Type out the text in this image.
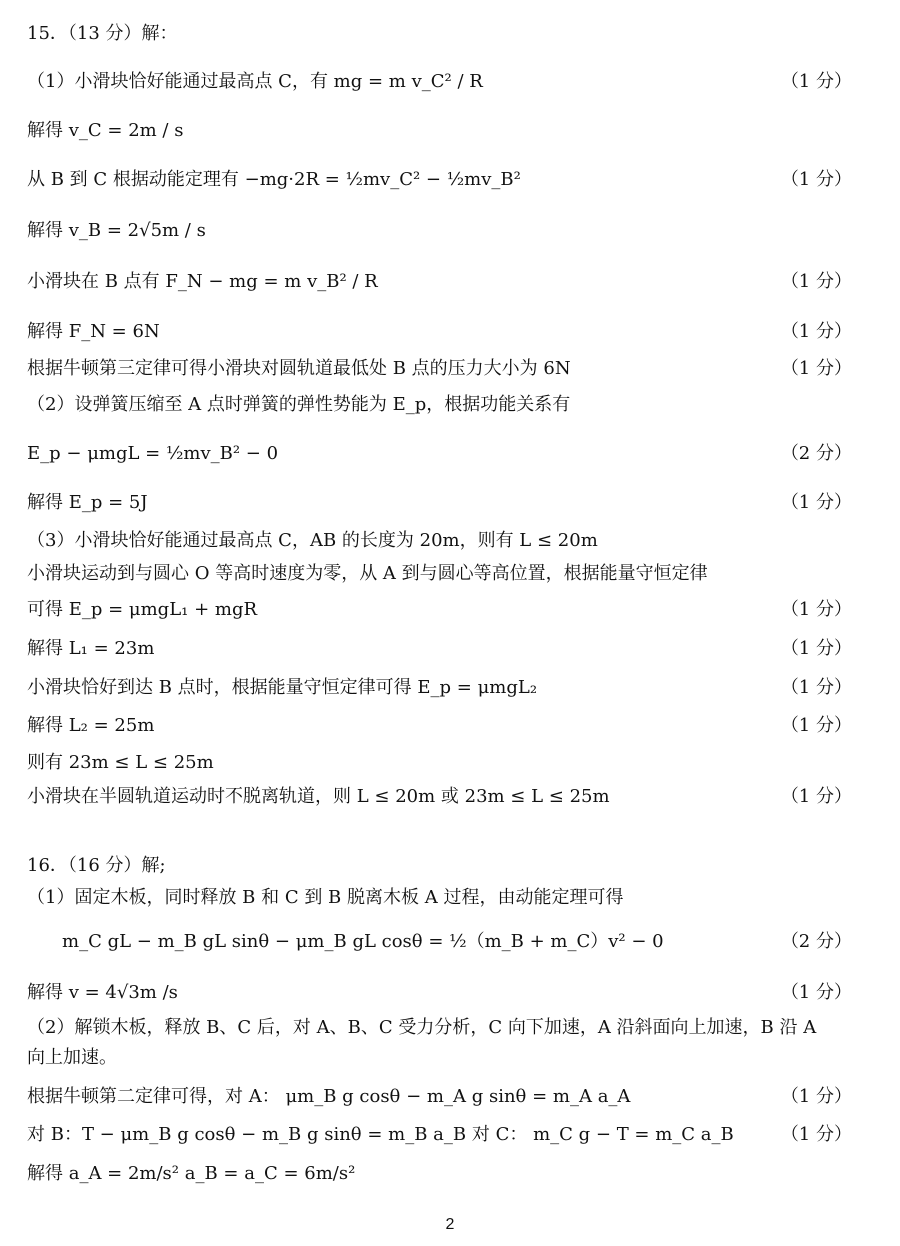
15．（13 分）解：
（1）小滑块恰好能通过最高点 C，有 mg = m v_C² / R	（1 分）
解得 v_C = 2m / s
从 B 到 C 根据动能定理有 −mg·2R = ½mv_C² − ½mv_B²	（1 分）
解得 v_B = 2√5m / s
小滑块在 B 点有 F_N − mg = m v_B² / R	（1 分）
解得 F_N = 6N	（1 分）
根据牛顿第三定律可得小滑块对圆轨道最低处 B 点的压力大小为 6N	（1 分）
（2）设弹簧压缩至 A 点时弹簧的弹性势能为 E_p，根据功能关系有
E_p − μmgL = ½mv_B² − 0	（2 分）
解得 E_p = 5J	（1 分）
（3）小滑块恰好能通过最高点 C，AB 的长度为 20m，则有 L ≤ 20m
小滑块运动到与圆心 O 等高时速度为零，从 A 到与圆心等高位置，根据能量守恒定律
可得 E_p = μmgL₁ + mgR	（1 分）
解得 L₁ = 23m	（1 分）
小滑块恰好到达 B 点时，根据能量守恒定律可得 E_p = μmgL₂	（1 分）
解得 L₂ = 25m	（1 分）
则有 23m ≤ L ≤ 25m
小滑块在半圆轨道运动时不脱离轨道，则 L ≤ 20m 或 23m ≤ L ≤ 25m	（1 分）
16．（16 分）解;
（1）固定木板，同时释放 B 和 C 到 B 脱离木板 A 过程，由动能定理可得
m_C gL − m_B gL sinθ − μm_B gL cosθ = ½（m_B + m_C）v² − 0	（2 分）
解得 v = 4√3m /s	（1 分）
（2）解锁木板，释放 B、C 后，对 A、B、C 受力分析，C 向下加速，A 沿斜面向上加速，B 沿 A
向上加速。
根据牛顿第二定律可得，对 A： μm_B g cosθ − m_A g sinθ = m_A a_A	（1 分）
对 B：T − μm_B g cosθ − m_B g sinθ = m_B a_B 对 C： m_C g − T = m_C a_B	（1 分）
解得 a_A = 2m/s² a_B = a_C = 6m/s²
2
